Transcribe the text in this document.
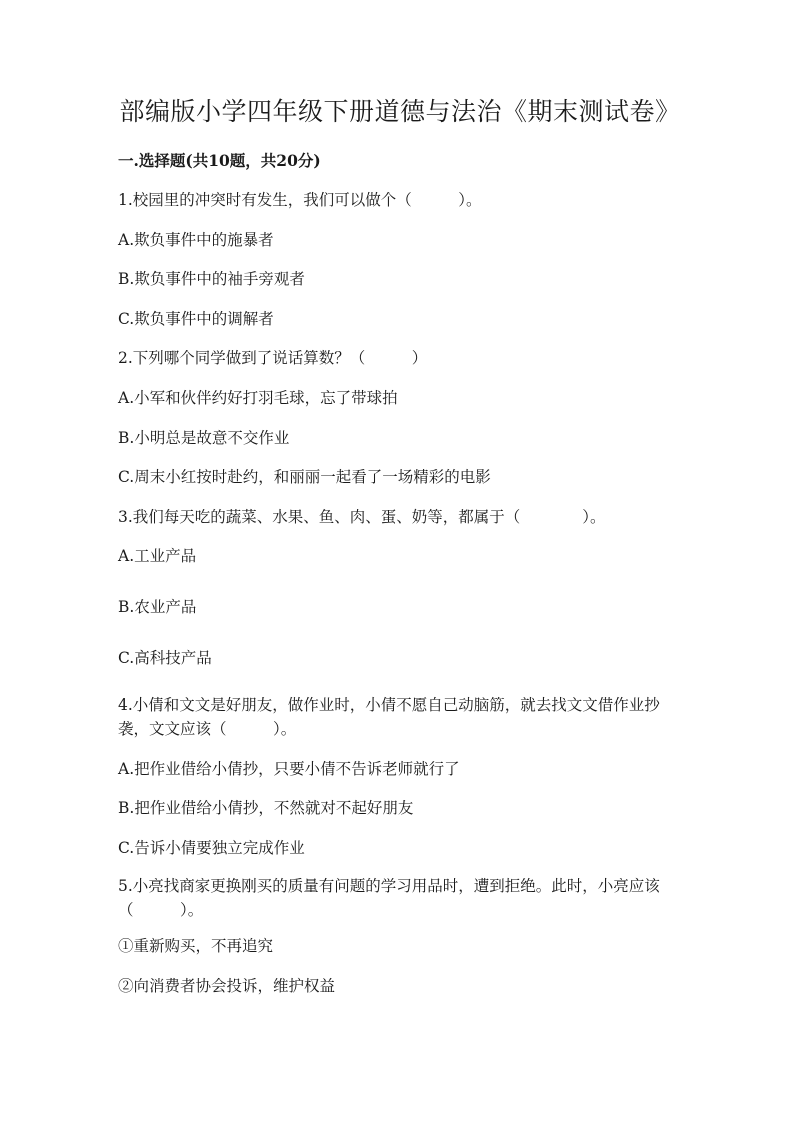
部编版小学四年级下册道德与法治《期末测试卷》
一.选择题(共10题，共20分)
1.校园里的冲突时有发生，我们可以做个（　　　）。
A.欺负事件中的施暴者
B.欺负事件中的袖手旁观者
C.欺负事件中的调解者
2.下列哪个同学做到了说话算数？（　　　）
A.小军和伙伴约好打羽毛球，忘了带球拍
B.小明总是故意不交作业
C.周末小红按时赴约，和丽丽一起看了一场精彩的电影
3.我们每天吃的蔬菜、水果、鱼、肉、蛋、奶等，都属于（　　　　）。
A.工业产品
B.农业产品
C.高科技产品
4.小倩和文文是好朋友，做作业时，小倩不愿自己动脑筋，就去找文文借作业抄袭，文文应该（　　　）。
A.把作业借给小倩抄，只要小倩不告诉老师就行了
B.把作业借给小倩抄，不然就对不起好朋友
C.告诉小倩要独立完成作业
5.小亮找商家更换刚买的质量有问题的学习用品时，遭到拒绝。此时，小亮应该（　　　）。
①重新购买，不再追究
②向消费者协会投诉，维护权益
